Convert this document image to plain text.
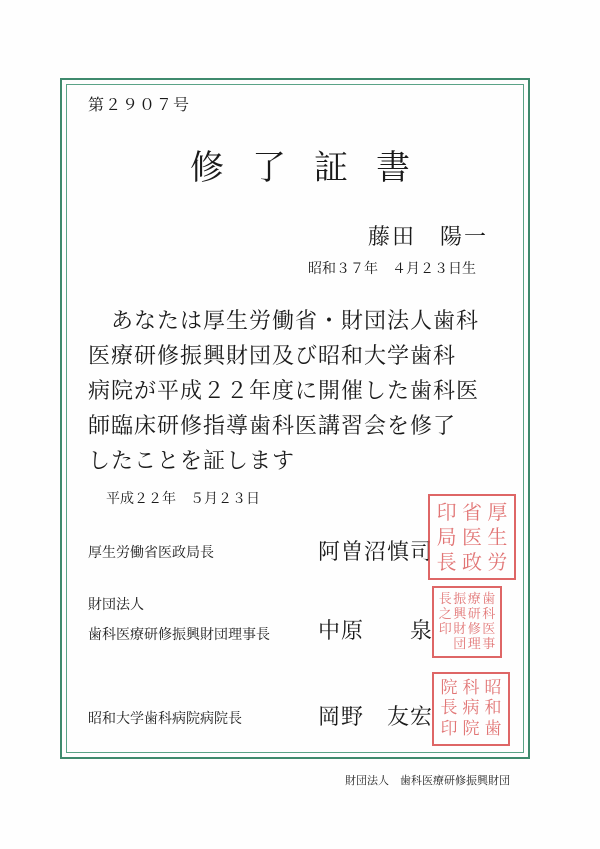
第２９０７号
修了証書
藤田　陽一
昭和３７年　４月２３日生
　あなたは厚生労働省・財団法人歯科
医療研修振興財団及び昭和大学歯科
病院が平成２２年度に開催した歯科医
師臨床研修指導歯科医講習会を修了
したことを証します
平成２２年　５月２３日
厚生労働省医政局長	阿曽沼慎司
印 省 厚
局 医 生
長 政 労
財団法人
歯科医療研修振興財団理事長 中原　　泉
長 振 療 歯
之 興 研 科
印 財 修 医

団 理 事
昭和大学歯科病院病院長	岡野　友宏
院 科 昭
長 病 和
印 院 歯
財団法人　歯科医療研修振興財団
